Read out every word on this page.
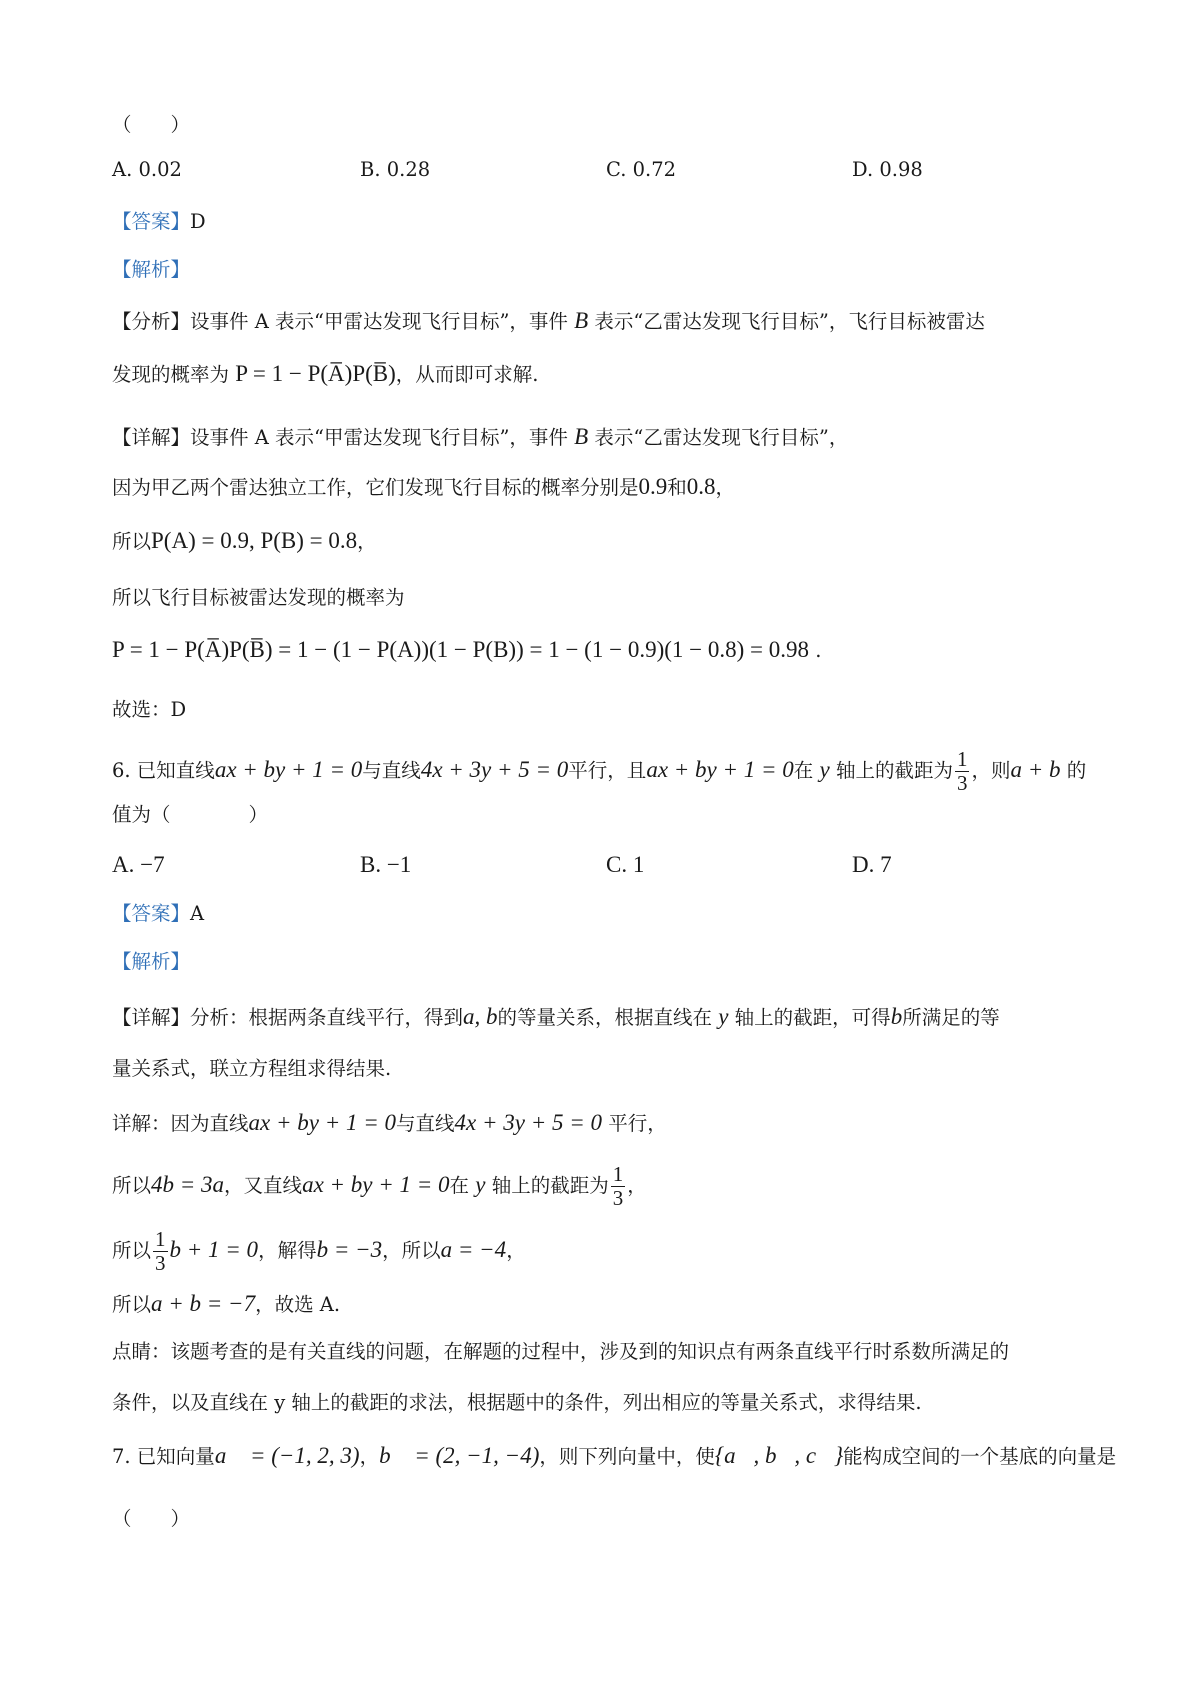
（　　）
A. 0.02	B. 0.28	C. 0.72	D. 0.98
【答案】D
【解析】
【分析】设事件 A 表示“甲雷达发现飞行目标”，事件 B 表示“乙雷达发现飞行目标”，飞行目标被雷达
发现的概率为 P = 1 − P(A̅)P(B̅)，从而即可求解.
【详解】设事件 A 表示“甲雷达发现飞行目标”，事件 B 表示“乙雷达发现飞行目标”，
因为甲乙两个雷达独立工作，它们发现飞行目标的概率分别是0.9和0.8，
所以P(A) = 0.9, P(B) = 0.8，
所以飞行目标被雷达发现的概率为
P = 1 − P(A̅)P(B̅) = 1 − (1 − P(A))(1 − P(B)) = 1 − (1 − 0.9)(1 − 0.8) = 0.98 .
故选：D
6. 已知直线ax + by + 1 = 0与直线4x + 3y + 5 = 0平行，且ax + by + 1 = 0在 y 轴上的截距为 $\frac{1}{3}$ ，则a + b 的
值为（　　　　）
A. −7	B. −1	C. 1	D. 7
【答案】A
【解析】
【详解】分析：根据两条直线平行，得到a, b的等量关系，根据直线在 y 轴上的截距，可得b所满足的等
量关系式，联立方程组求得结果.
详解：因为直线ax + by + 1 = 0与直线4x + 3y + 5 = 0 平行，
所以4b = 3a，又直线ax + by + 1 = 0在 y 轴上的截距为 $\frac{1}{3}$ ，
所以 $\frac{1}{3}$ b + 1 = 0，解得b = −3，所以a = −4，
所以a + b = −7，故选 A.
点睛：该题考查的是有关直线的问题，在解题的过程中，涉及到的知识点有两条直线平行时系数所满足的
条件，以及直线在 y 轴上的截距的求法，根据题中的条件，列出相应的等量关系式，求得结果.
7. 已知向量a⃗ = (−1, 2, 3)，b⃗ = (2, −1, −4)，则下列向量中，使{a⃗, b⃗, c⃗}能构成空间的一个基底的向量是
（　　）
